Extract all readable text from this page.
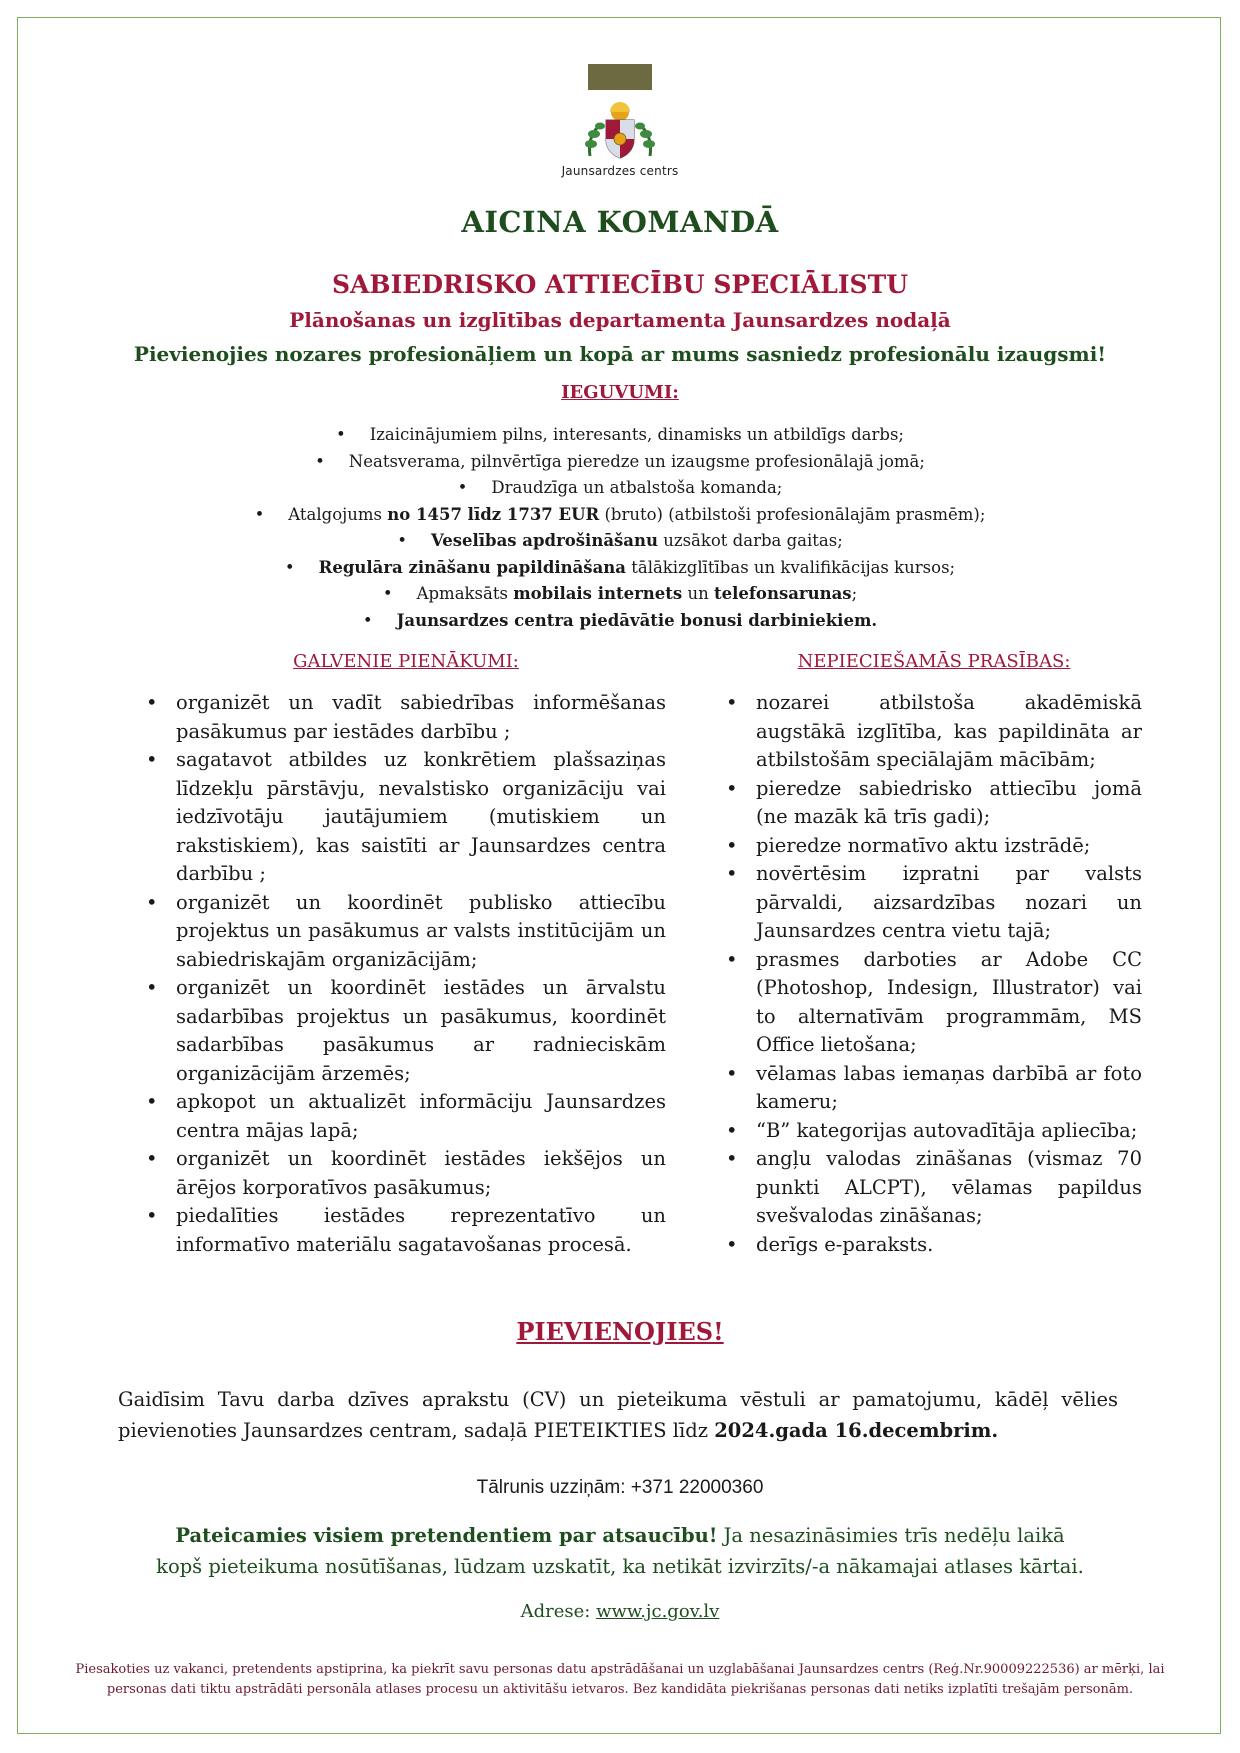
Jaunsardzes centrs
AICINA KOMANDĀ
SABIEDRISKO ATTIECĪBU SPECIĀLISTU
Plānošanas un izglītības departamenta Jaunsardzes nodaļā
Pievienojies nozares profesionāļiem un kopā ar mums sasniedz profesionālu izaugsmi!
IEGUVUMI:
• Izaicinājumiem pilns, interesants, dinamisks un atbildīgs darbs;
• Neatsverama, pilnvērtīga pieredze un izaugsme profesionālajā jomā;
• Draudzīga un atbalstoša komanda;
• Atalgojums no 1457 līdz 1737 EUR (bruto) (atbilstoši profesionālajām prasmēm);
• Veselības apdrošināšanu uzsākot darba gaitas;
• Regulāra zināšanu papildināšana tālākizglītības un kvalifikācijas kursos;
• Apmaksāts mobilais internets un telefonsarunas;
• Jaunsardzes centra piedāvātie bonusi darbiniekiem.
GALVENIE PIENĀKUMI:
• organizēt un vadīt sabiedrības informēšanas pasākumus par iestādes darbību ;
• sagatavot atbildes uz konkrētiem plašsaziņas līdzekļu pārstāvju, nevalstisko organizāciju vai iedzīvotāju jautājumiem (mutiskiem un rakstiskiem), kas saistīti ar Jaunsardzes centra darbību ;
• organizēt un koordinēt publisko attiecību projektus un pasākumus ar valsts institūcijām un sabiedriskajām organizācijām;
• organizēt un koordinēt iestādes un ārvalstu sadarbības projektus un pasākumus, koordinēt sadarbības pasākumus ar radnieciskām organizācijām ārzemēs;
• apkopot un aktualizēt informāciju Jaunsardzes centra mājas lapā;
• organizēt un koordinēt iestādes iekšējos un ārējos korporatīvos pasākumus;
• piedalīties iestādes reprezentatīvo un informatīvo materiālu sagatavošanas procesā.
NEPIECIEŠAMĀS PRASĪBAS:
• nozarei atbilstoša akadēmiskā augstākā izglītība, kas papildināta ar atbilstošām speciālajām mācībām;
• pieredze sabiedrisko attiecību jomā (ne mazāk kā trīs gadi);
• pieredze normatīvo aktu izstrādē;
• novērtēsim izpratni par valsts pārvaldi, aizsardzības nozari un Jaunsardzes centra vietu tajā;
• prasmes darboties ar Adobe CC (Photoshop, Indesign, Illustrator) vai to alternatīvām programmām, MS Office lietošana;
• vēlamas labas iemaņas darbībā ar foto kameru;
• “B” kategorijas autovadītāja apliecība;
• angļu valodas zināšanas (vismaz 70 punkti ALCPT), vēlamas papildus svešvalodas zināšanas;
• derīgs e-paraksts.
PIEVIENOJIES!
Gaidīsim Tavu darba dzīves aprakstu (CV) un pieteikuma vēstuli ar pamatojumu, kādēļ vēlies pievienoties Jaunsardzes centram, sadaļā PIETEIKTIES līdz 2024.gada 16.decembrim.
Tālrunis uzziņām: +371 22000360
Pateicamies visiem pretendentiem par atsaucību! Ja nesazināsimies trīs nedēļu laikā kopš pieteikuma nosūtīšanas, lūdzam uzskatīt, ka netikāt izvirzīts/-a nākamajai atlases kārtai.
Adrese: www.jc.gov.lv
Piesakoties uz vakanci, pretendents apstiprina, ka piekrīt savu personas datu apstrādāšanai un uzglabāšanai Jaunsardzes centrs (Reģ.Nr.90009222536) ar mērķi, lai personas dati tiktu apstrādāti personāla atlases procesu un aktivitāšu ietvaros. Bez kandidāta piekrišanas personas dati netiks izplatīti trešajām personām.
